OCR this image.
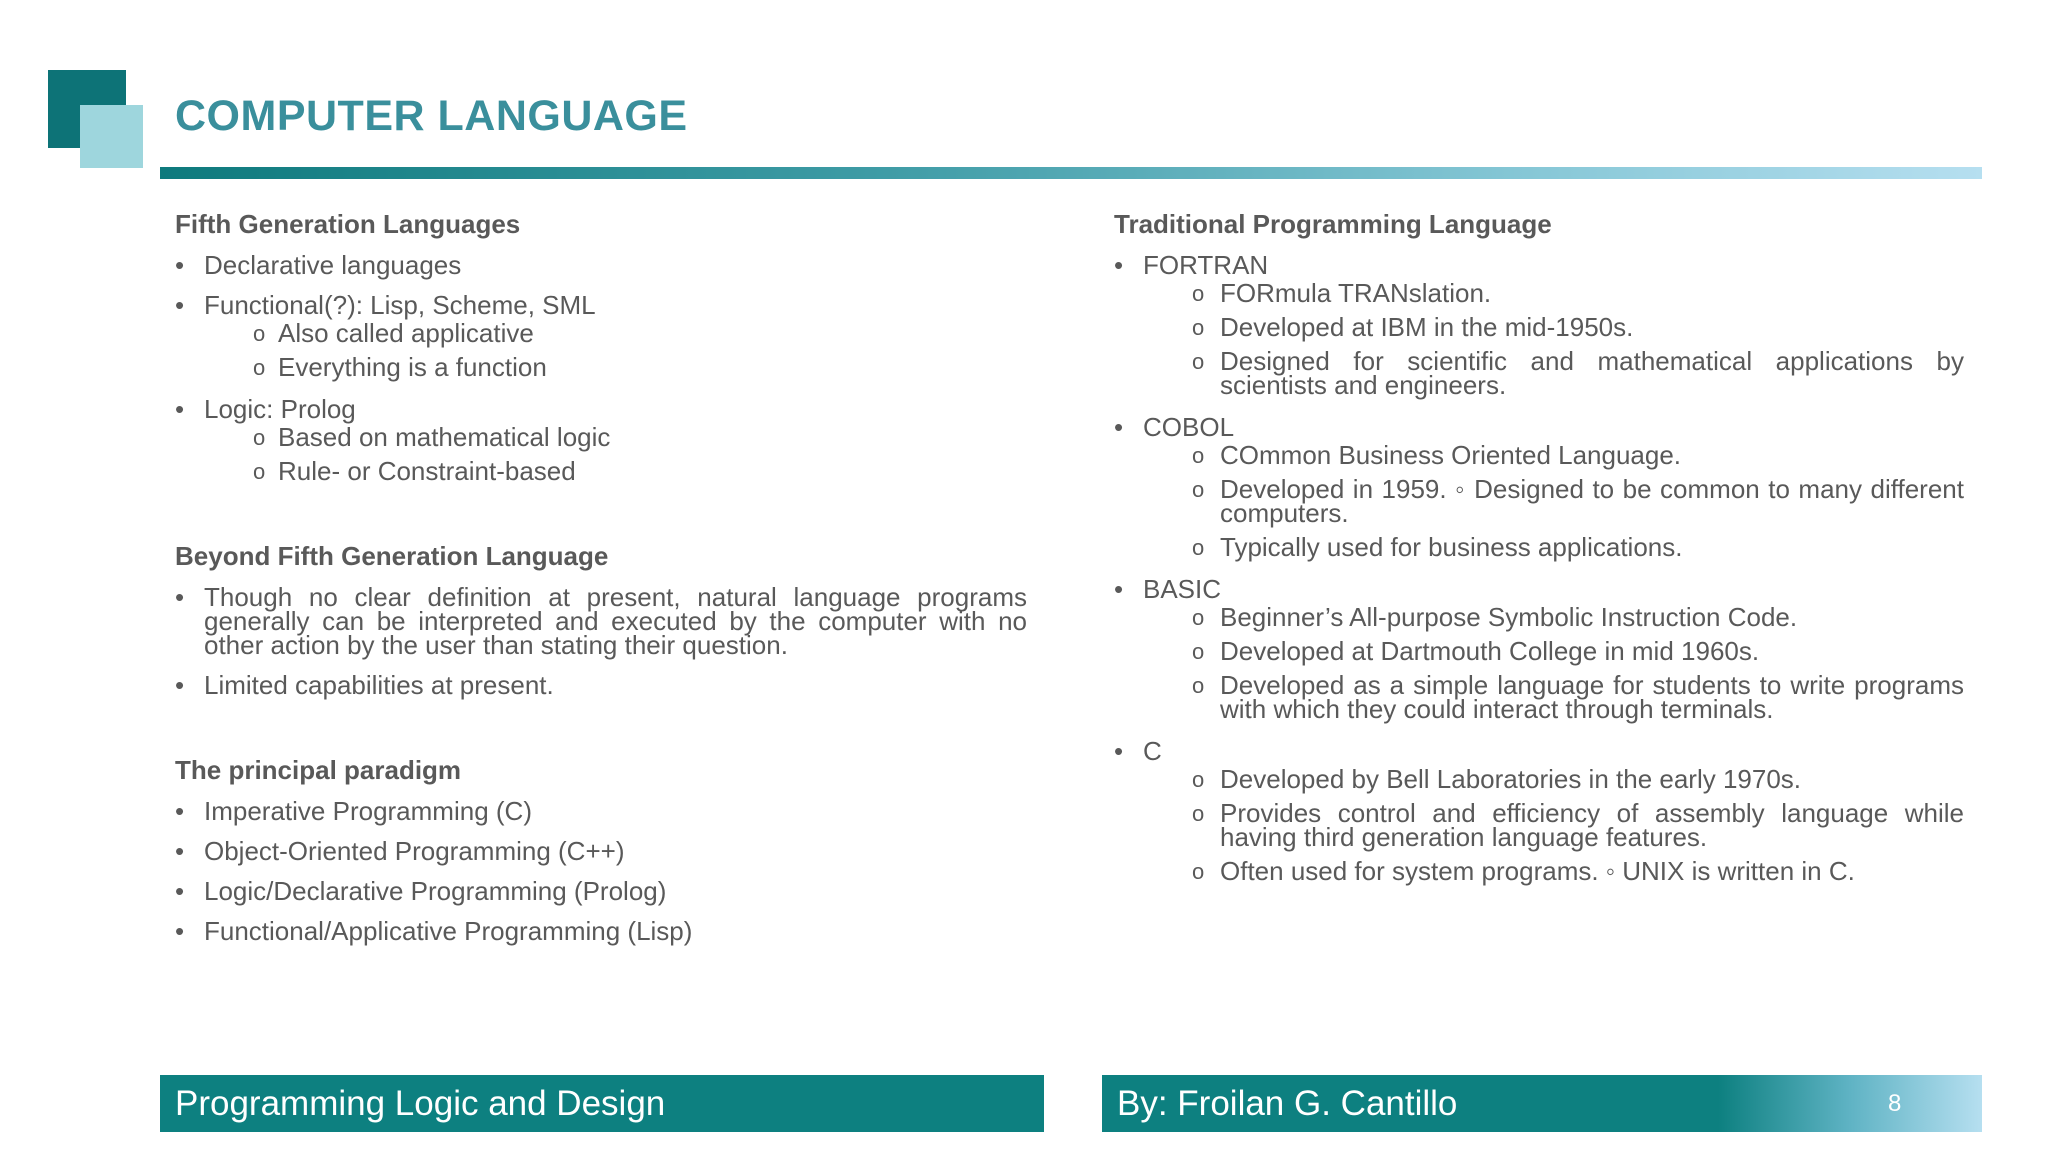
COMPUTER LANGUAGE
Fifth Generation Languages
• Declarative languages
• Functional(?): Lisp, Scheme, SML
o Also called applicative
o Everything is a function
• Logic: Prolog
o Based on mathematical logic
o Rule- or Constraint-based
Beyond Fifth Generation Language
• Though no clear definition at present, natural language programs generally can be interpreted and executed by the computer with no other action by the user than stating their question.
• Limited capabilities at present.
The principal paradigm
• Imperative Programming (C)
• Object-Oriented Programming (C++)
• Logic/Declarative Programming (Prolog)
• Functional/Applicative Programming (Lisp)
Traditional Programming Language
• FORTRAN
o FORmula TRANslation.
o Developed at IBM in the mid-1950s.
o Designed for scientific and mathematical applications by scientists and engineers.
• COBOL
o COmmon Business Oriented Language.
o Developed in 1959. ◦ Designed to be common to many different computers.
o Typically used for business applications.
• BASIC
o Beginner’s All-purpose Symbolic Instruction Code.
o Developed at Dartmouth College in mid 1960s.
o Developed as a simple language for students to write programs with which they could interact through terminals.
• C
o Developed by Bell Laboratories in the early 1970s.
o Provides control and efficiency of assembly language while having third generation language features.
o Often used for system programs. ◦ UNIX is written in C.
Programming Logic and Design	By: Froilan G. Cantillo	8
